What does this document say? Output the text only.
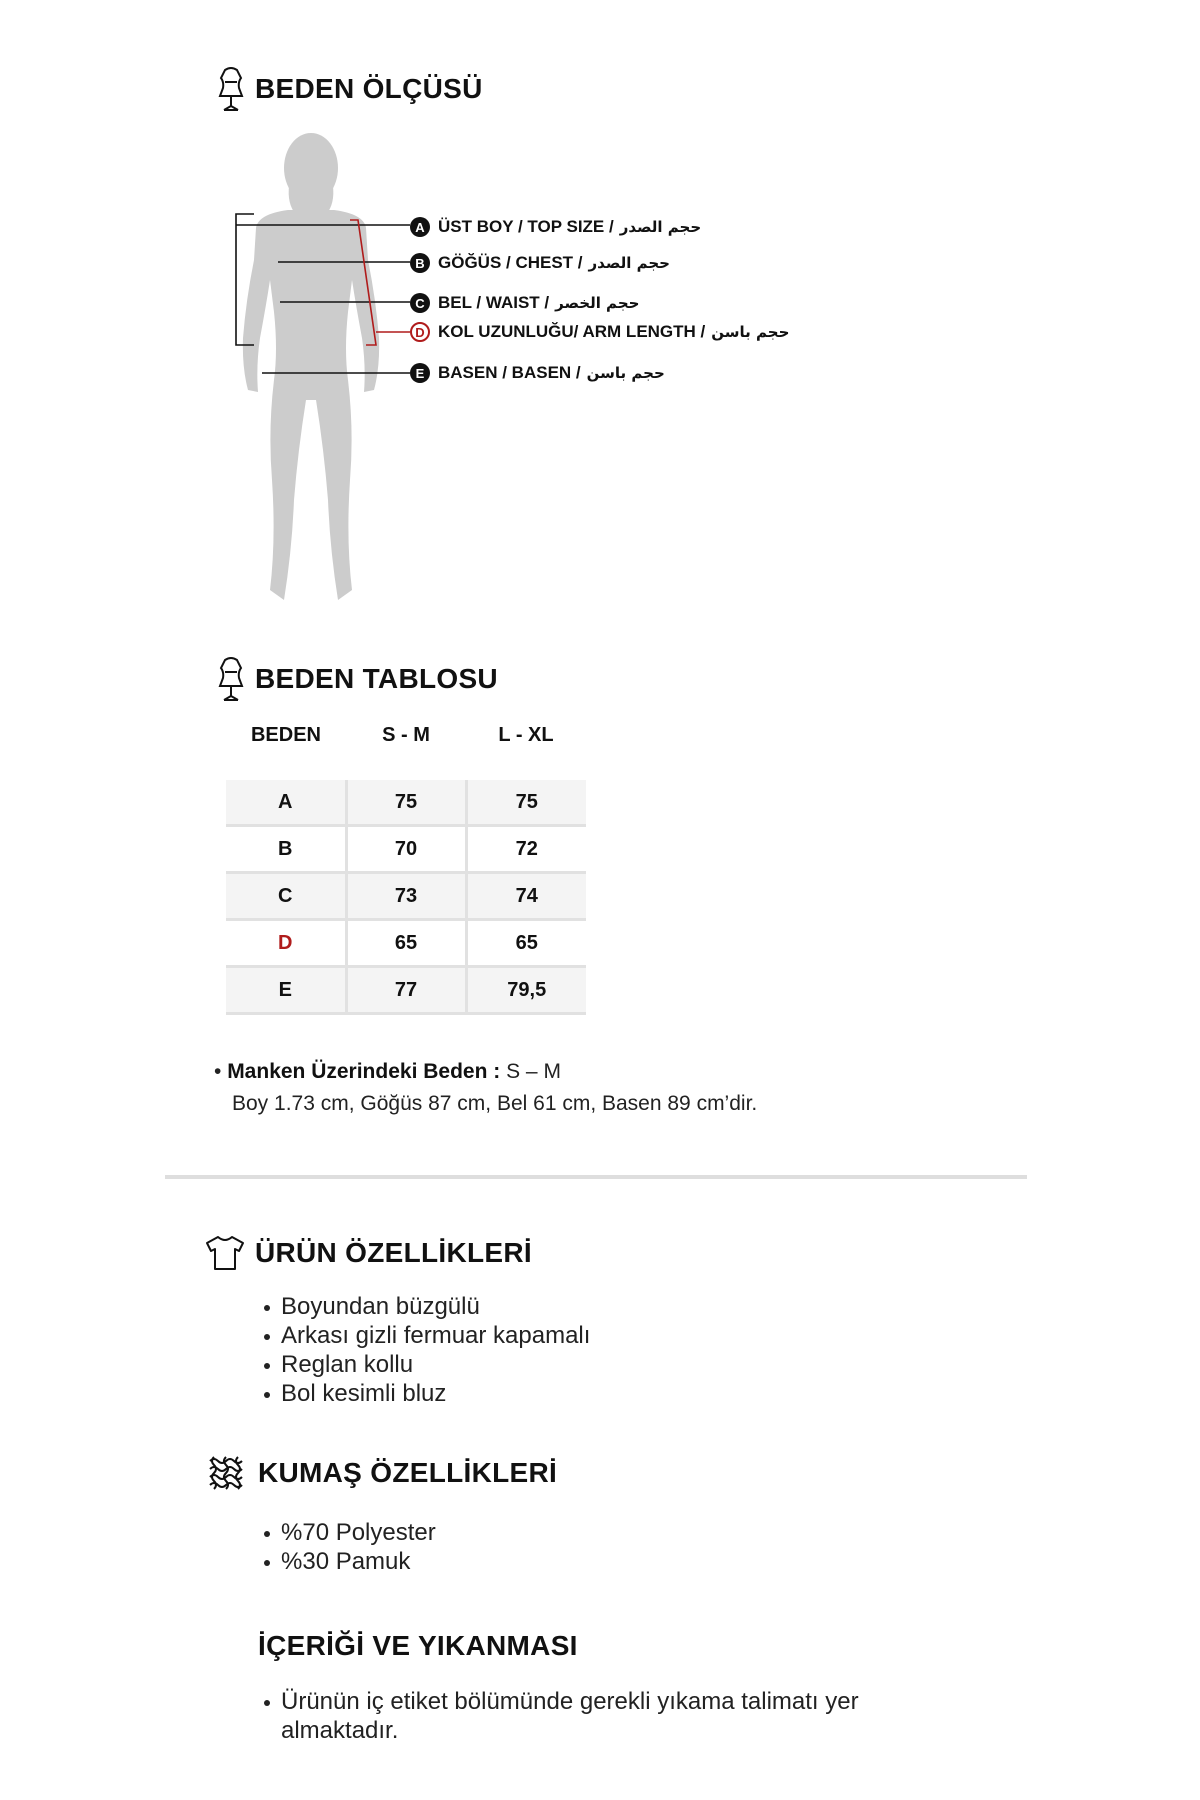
BEDEN ÖLÇÜSÜ
A ÜST BOY / TOP SIZE / حجم الصدر
B GÖĞÜS / CHEST / حجم الصدر
C BEL / WAIST / حجم الخصر
D KOL UZUNLUĞU/ ARM LENGTH / حجم باسن
E BASEN / BASEN / حجم باسن
BEDEN TABLOSU
BEDEN	S - M	L - XL
A	75	75
B	70	72
C	73	74
D	65	65
E	77	79,5
• Manken Üzerindeki Beden : S – M
Boy 1.73 cm, Göğüs 87 cm, Bel 61 cm, Basen 89 cm’dir.
ÜRÜN ÖZELLİKLERİ
Boyundan büzgülü
Arkası gizli fermuar kapamalı
Reglan kollu
Bol kesimli bluz
KUMAŞ ÖZELLİKLERİ
%70 Polyester
%30 Pamuk
İÇERİĞİ VE YIKANMASI
Ürünün iç etiket bölümünde gerekli yıkama talimatı yer almaktadır.
